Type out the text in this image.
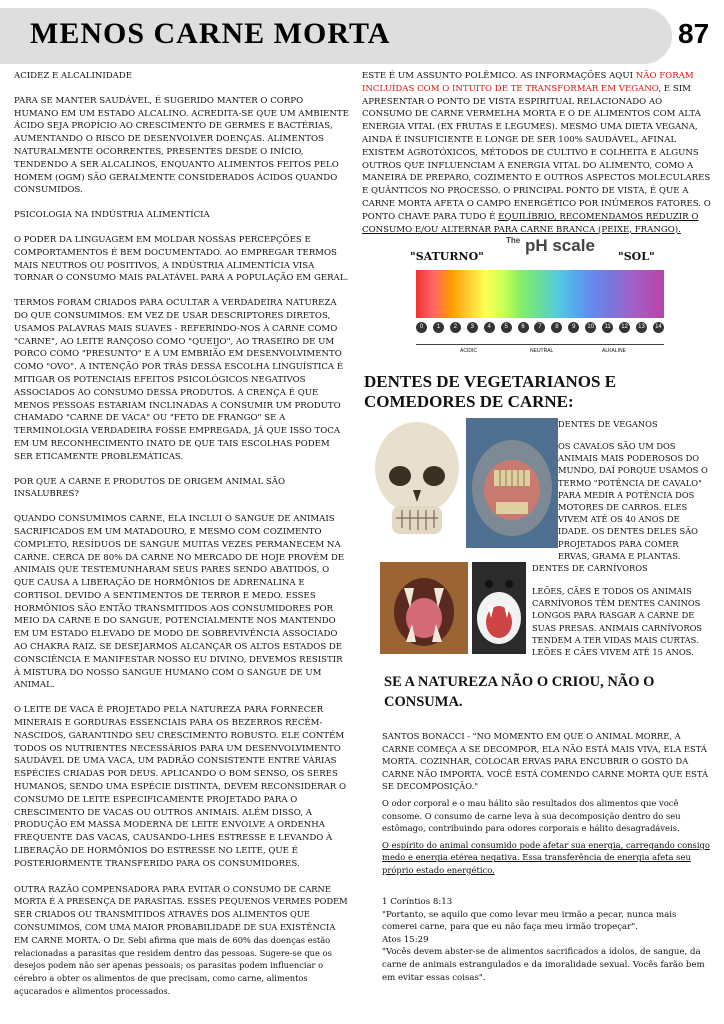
MENOS CARNE MORTA	87

ACIDEZ E ALCALINIDADE

PARA SE MANTER SAUDÁVEL, É SUGERIDO MANTER O CORPO HUMANO EM UM ESTADO ALCALINO. ACREDITA-SE QUE UM AMBIENTE ÁCIDO SEJA PROPÍCIO AO CRESCIMENTO DE GERMES E BACTÉRIAS, AUMENTANDO O RISCO DE DESENVOLVER DOENÇAS. ALIMENTOS NATURALMENTE OCORRENTES, PRESENTES DESDE O INÍCIO, TENDENDO A SER ALCALINOS, ENQUANTO ALIMENTOS FEITOS PELO HOMEM (OGM) SÃO GERALMENTE CONSIDERADOS ÁCIDOS QUANDO CONSUMIDOS.

PSICOLOGIA NA INDÚSTRIA ALIMENTÍCIA

O PODER DA LINGUAGEM EM MOLDAR NOSSAS PERCEPÇÕES E COMPORTAMENTOS É BEM DOCUMENTADO. AO EMPREGAR TERMOS MAIS NEUTROS OU POSITIVOS, A INDÚSTRIA ALIMENTÍCIA VISA TORNAR O CONSUMO MAIS PALATÁVEL PARA A POPULAÇÃO EM GERAL.

TERMOS FORAM CRIADOS PARA OCULTAR A VERDADEIRA NATUREZA DO QUE CONSUMIMOS. EM VEZ DE USAR DESCRIPTORES DIRETOS, USAMOS PALAVRAS MAIS SUAVES - REFERINDO-NOS À CARNE COMO "CARNE", AO LEITE RANÇOSO COMO "QUEIJO", AO TRASEIRO DE UM PORCO COMO "PRESUNTO" E A UM EMBRIÃO EM DESENVOLVIMENTO COMO "OVO". A INTENÇÃO POR TRÁS DESSA ESCOLHA LINGUÍSTICA É MITIGAR OS POTENCIAIS EFEITOS PSICOLÓGICOS NEGATIVOS ASSOCIADOS AO CONSUMO DESSA PRODUTOS. A CRENÇA É QUE MENOS PESSOAS ESTARIAM INCLINADAS A CONSUMIR UM PRODUTO CHAMADO "CARNE DE VACA" OU "FETO DE FRANGO" SE A TERMINOLOGIA VERDADEIRA FOSSE EMPREGADA, JÁ QUE ISSO TOCA EM UM RECONHECIMENTO INATO DE QUE TAIS ESCOLHAS PODEM SER ETICAMENTE PROBLEMÁTICAS.

POR QUE A CARNE E PRODUTOS DE ORIGEM ANIMAL SÃO INSALUBRES?

QUANDO CONSUMIMOS CARNE, ELA INCLUI O SANGUE DE ANIMAIS SACRIFICADOS EM UM MATADOURO, E MESMO COM COZIMENTO COMPLETO, RESÍDUOS DE SANGUE MUITAS VEZES PERMANECEM NA CARNE. CERCA DE 80% DA CARNE NO MERCADO DE HOJE PROVÉM DE ANIMAIS QUE TESTEMUNHARAM SEUS PARES SENDO ABATIDOS, O QUE CAUSA A LIBERAÇÃO DE HORMÔNIOS DE ADRENALINA E CORTISOL DEVIDO A SENTIMENTOS DE TERROR E MEDO. ESSES HORMÔNIOS SÃO ENTÃO TRANSMITIDOS AOS CONSUMIDORES POR MEIO DA CARNE E DO SANGUE, POTENCIALMENTE NOS MANTENDO EM UM ESTADO ELEVADO DE MODO DE SOBREVIVÊNCIA ASSOCIADO AO CHAKRA RAIZ. SE DESEJARMOS ALCANÇAR OS ALTOS ESTADOS DE CONSCIÊNCIA E MANIFESTAR NOSSO EU DIVINO, DEVEMOS RESISTIR À MISTURA DO NOSSO SANGUE HUMANO COM O SANGUE DE UM ANIMAL.

O LEITE DE VACA É PROJETADO PELA NATUREZA PARA FORNECER MINERAIS E GORDURAS ESSENCIAIS PARA OS BEZERROS RECÉM-NASCIDOS, GARANTINDO SEU CRESCIMENTO ROBUSTO. ELE CONTÉM TODOS OS NUTRIENTES NECESSÁRIOS PARA UM DESENVOLVIMENTO SAUDÁVEL DE UMA VACA, UM PADRÃO CONSISTENTE ENTRE VÁRIAS ESPÉCIES CRIADAS POR DEUS. APLICANDO O BOM SENSO, OS SERES HUMANOS, SENDO UMA ESPÉCIE DISTINTA, DEVEM RECONSIDERAR O CONSUMO DE LEITE ESPECIFICAMENTE PROJETADO PARA O CRESCIMENTO DE VACAS OU OUTROS ANIMAIS. ALÉM DISSO, A PRODUÇÃO EM MASSA MODERNA DE LEITE ENVOLVE A ORDENHA FREQUENTE DAS VACAS, CAUSANDO-LHES ESTRESSE E LEVANDO À LIBERAÇÃO DE HORMÔNIOS DO ESTRESSE NO LEITE, QUE É POSTERIORMENTE TRANSFERIDO PARA OS CONSUMIDORES.

OUTRA RAZÃO COMPENSADORA PARA EVITAR O CONSUMO DE CARNE MORTA É A PRESENÇA DE PARASITAS. ESSES PEQUENOS VERMES PODEM SER CRIADOS OU TRANSMITIDOS ATRAVÉS DOS ALIMENTOS QUE CONSUMIMOS, COM UMA MAIOR PROBABILIDADE DE SUA EXISTÊNCIA EM CARNE MORTA. O Dr. Sebi afirma que mais de 60% das doenças estão relacionadas a parasitas que residem dentro das pessoas. Sugere-se que os desejos podem não ser apenas pessoais; os parasitas podem influenciar o cérebro a obter os alimentos de que precisam, como carne, alimentos açucarados e alimentos processados.

ESTE É UM ASSUNTO POLÊMICO. AS INFORMAÇÕES AQUI NÃO FORAM INCLUÍDAS COM O INTUITO DE TE TRANSFORMAR EM VEGANO, E SIM APRESENTAR O PONTO DE VISTA ESPIRITUAL RELACIONADO AO CONSUMO DE CARNE VERMELHA MORTA E O DE ALIMENTOS COM ALTA ENERGIA VITAL (EX FRUTAS E LEGUMES). MESMO UMA DIETA VEGANA, AINDA É INSUFICIENTE E LONGE DE SER 100% SAUDÁVEL, AFINAL EXISTEM AGROTÓXICOS, MÉTODOS DE CULTIVO E COLHEITA E ALGUNS OUTROS QUE INFLUENCIAM A ENERGIA VITAL DO ALIMENTO, COMO A MANEIRA DE PREPARO, COZIMENTO E OUTROS ASPECTOS MOLECULARES E QUÂNTICOS NO PROCESSO. O PRINCIPAL PONTO DE VISTA, É QUE A CARNE MORTA AFETA O CAMPO ENERGÉTICO POR INÚMEROS FATORES. O PONTO CHAVE PARA TUDO É EQUILÍBRIO, RECOMENDAMOS REDUZIR O CONSUMO E/OU ALTERNAR PARA CARNE BRANCA (PEIXE, FRANGO).
"SATURNO"
$^{The}$ pH scale
"SOL"
0	1	2	3	4	5	6	7	8	9	10	11	12	13	14
ACIDIC	NEUTRAL	ALKALINE
DENTES DE VEGETARIANOS E COMEDORES DE CARNE:
DENTES DE VEGANOS
OS CAVALOS SÃO UM DOS ANIMAIS MAIS PODEROSOS DO MUNDO, DAÍ PORQUE USAMOS O TERMO "POTÊNCIA DE CAVALO" PARA MEDIR A POTÊNCIA DOS MOTORES DE CARROS. ELES VIVEM ATÉ OS 40 ANOS DE IDADE. OS DENTES DELES SÃO PROJETADOS PARA COMER ERVAS, GRAMA E PLANTAS.
DENTES DE CARNÍVOROS
LEÕES, CÃES E TODOS OS ANIMAIS CARNÍVOROS TÊM DENTES CANINOS LONGOS PARA RASGAR A CARNE DE SUAS PRESAS. ANIMAIS CARNÍVOROS TENDEM A TER VIDAS MAIS CURTAS. LEÕES E CÃES VIVEM ATÉ 15 ANOS.
SE A NATUREZA NÃO O CRIOU, NÃO O CONSUMA.

SANTOS BONACCI - "NO MOMENTO EM QUE O ANIMAL MORRE, A CARNE COMEÇA A SE DECOMPOR, ELA NÃO ESTÁ MAIS VIVA, ELA ESTÁ MORTA. COZINHAR, COLOCAR ERVAS PARA ENCUBRIR O GOSTO DA CARNE NÃO IMPORTA. VOCÊ ESTÁ COMENDO CARNE MORTA QUE ESTÁ SE DECOMPOSIÇÃO."

O odor corporal e o mau hálito são resultados dos alimentos que você consome. O consumo de carne leva à sua decomposição dentro do seu estômago, contribuindo para odores corporais e hálito desagradáveis.

O espírito do animal consumido pode afetar sua energia, carregando consigo medo e energia etérea negativa. Essa transferência de energia afeta seu próprio estado energético.

1 Coríntios 8:13

"Portanto, se aquilo que como levar meu irmão a pecar, nunca mais comerei carne, para que eu não faça meu irmão tropeçar".

Atos 15:29

"Vocês devem abster-se de alimentos sacrificados a ídolos, de sangue, da carne de animais estrangulados e da imoralidade sexual. Vocês farão bem em evitar essas coisas".
